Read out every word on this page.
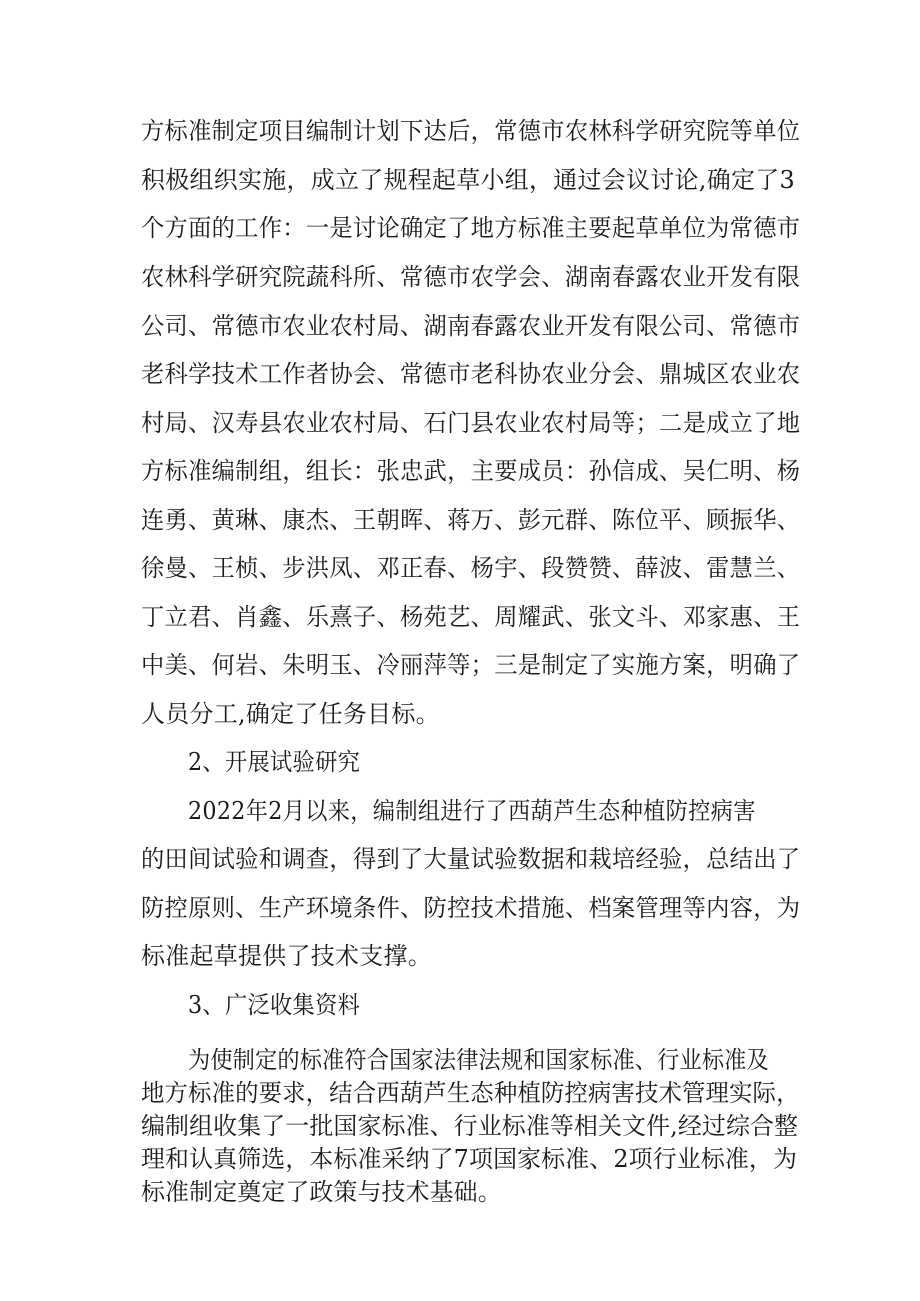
方标准制定项目编制计划下达后，常德市农林科学研究院等单位
积极组织实施，成立了规程起草小组，通过会议讨论,确定了3
个方面的工作：一是讨论确定了地方标准主要起草单位为常德市
农林科学研究院蔬科所、常德市农学会、湖南春露农业开发有限
公司、常德市农业农村局、湖南春露农业开发有限公司、常德市
老科学技术工作者协会、常德市老科协农业分会、鼎城区农业农
村局、汉寿县农业农村局、石门县农业农村局等；二是成立了地
方标准编制组，组长：张忠武，主要成员：孙信成、吴仁明、杨
连勇、黄琳、康杰、王朝晖、蒋万、彭元群、陈位平、顾振华、
徐曼、王桢、步洪凤、邓正春、杨宇、段赞赞、薛波、雷慧兰、
丁立君、肖鑫、乐熹子、杨苑艺、周耀武、张文斗、邓家惠、王
中美、何岩、朱明玉、冷丽萍等；三是制定了实施方案，明确了
人员分工,确定了任务目标。
2、开展试验研究
2022年2月以来，编制组进行了西葫芦生态种植防控病害
的田间试验和调查，得到了大量试验数据和栽培经验，总结出了
防控原则、生产环境条件、防控技术措施、档案管理等内容，为
标准起草提供了技术支撑。
3、广泛收集资料
为使制定的标准符合国家法律法规和国家标准、行业标准及
地方标准的要求，结合西葫芦生态种植防控病害技术管理实际，
编制组收集了一批国家标准、行业标准等相关文件,经过综合整
理和认真筛选，本标准采纳了7项国家标准、2项行业标准，为
标准制定奠定了政策与技术基础。
